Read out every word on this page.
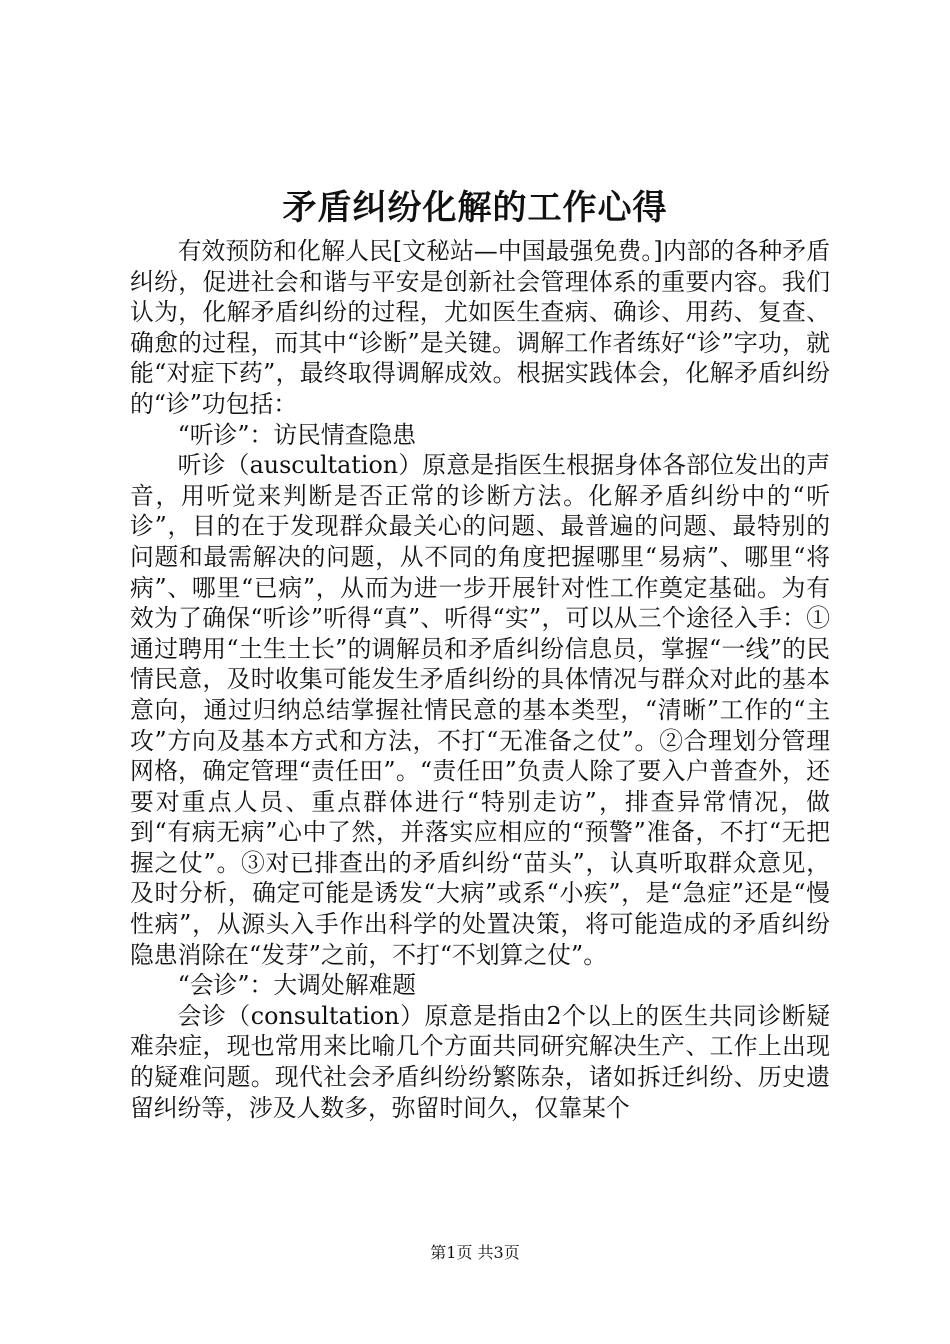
矛盾纠纷化解的工作心得

有效预防和化解人民[文秘站—中国最强免费。]内部的各种矛盾纠纷，促进社会和谐与平安是创新社会管理体系的重要内容。我们认为，化解矛盾纠纷的过程，尤如医生查病、确诊、用药、复查、确愈的过程，而其中“诊断”是关键。调解工作者练好“诊”字功，就能“对症下药”，最终取得调解成效。根据实践体会，化解矛盾纠纷的“诊”功包括：

“听诊”：访民情查隐患

听诊（auscultation）原意是指医生根据身体各部位发出的声音，用听觉来判断是否正常的诊断方法。化解矛盾纠纷中的“听诊”，目的在于发现群众最关心的问题、最普遍的问题、最特别的问题和最需解决的问题，从不同的角度把握哪里“易病”、哪里“将病”、哪里“已病”，从而为进一步开展针对性工作奠定基础。为有效为了确保“听诊”听得“真”、听得“实”，可以从三个途径入手：①通过聘用“土生土长”的调解员和矛盾纠纷信息员，掌握“一线”的民情民意，及时收集可能发生矛盾纠纷的具体情况与群众对此的基本意向，通过归纳总结掌握社情民意的基本类型，“清晰”工作的“主攻”方向及基本方式和方法，不打“无准备之仗”。②合理划分管理网格，确定管理“责任田”。“责任田”负责人除了要入户普查外，还要对重点人员、重点群体进行“特别走访”，排查异常情况，做到“有病无病”心中了然，并落实应相应的“预警”准备，不打“无把握之仗”。③对已排查出的矛盾纠纷“苗头”，认真听取群众意见，及时分析，确定可能是诱发“大病”或系“小疾”，是“急症”还是“慢性病”，从源头入手作出科学的处置决策，将可能造成的矛盾纠纷隐患消除在“发芽”之前，不打“不划算之仗”。

“会诊”：大调处解难题

会诊（consultation）原意是指由2个以上的医生共同诊断疑难杂症，现也常用来比喻几个方面共同研究解决生产、工作上出现的疑难问题。现代社会矛盾纠纷纷繁陈杂，诸如拆迁纠纷、历史遗留纠纷等，涉及人数多，弥留时间久，仅靠某个

第1页 共3页
